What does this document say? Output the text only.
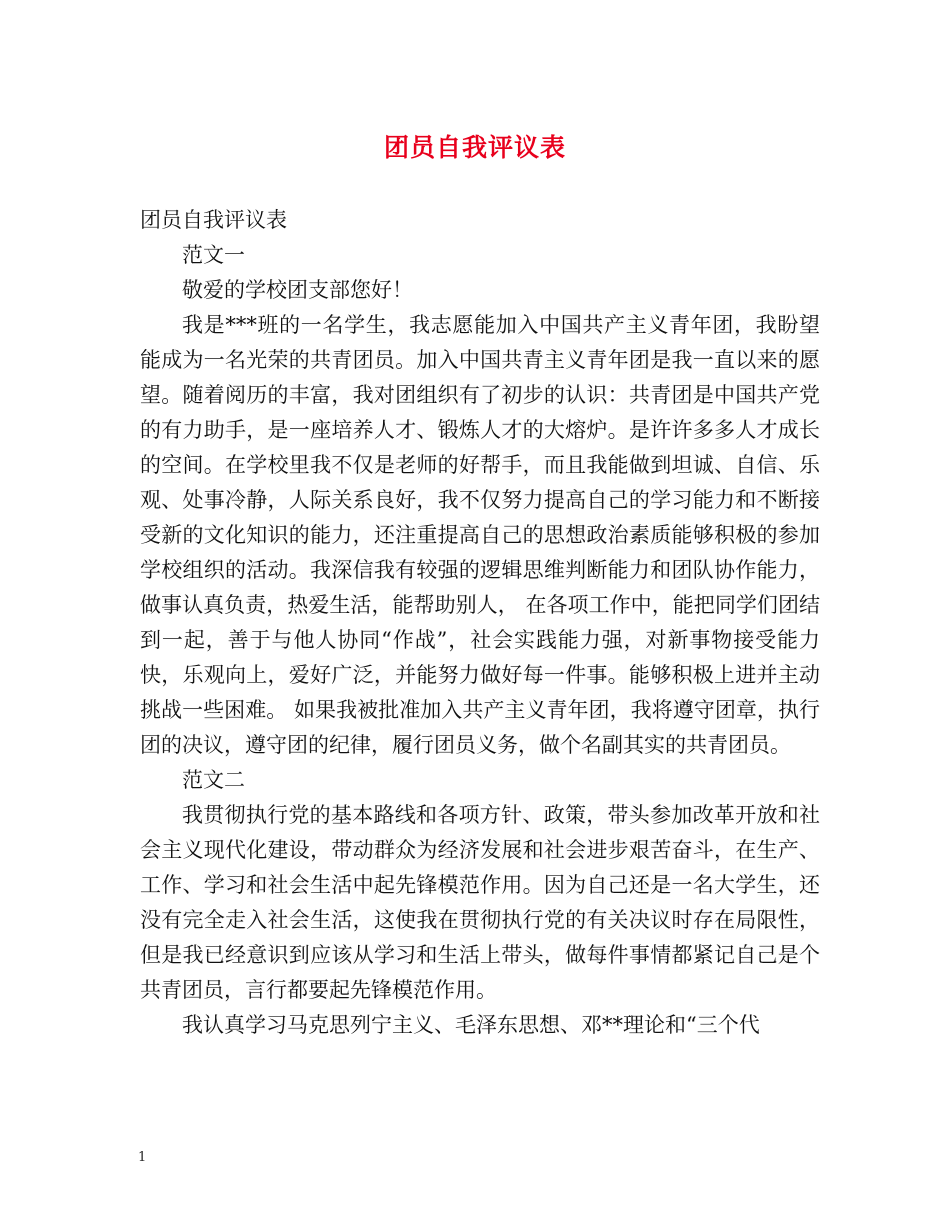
团员自我评议表

团员自我评议表

范文一

敬爱的学校团支部您好！

我是***班的一名学生，我志愿能加入中国共产主义青年团，我盼望能成为一名光荣的共青团员。加入中国共青主义青年团是我一直以来的愿望。随着阅历的丰富，我对团组织有了初步的认识：共青团是中国共产党的有力助手，是一座培养人才、锻炼人才的大熔炉。是许许多多人才成长的空间。在学校里我不仅是老师的好帮手，而且我能做到坦诚、自信、乐观、处事冷静，人际关系良好，我不仅努力提高自己的学习能力和不断接受新的文化知识的能力，还注重提高自己的思想政治素质能够积极的参加学校组织的活动。我深信我有较强的逻辑思维判断能力和团队协作能力，做事认真负责，热爱生活，能帮助别人， 在各项工作中，能把同学们团结到一起，善于与他人协同“作战”，社会实践能力强，对新事物接受能力快，乐观向上，爱好广泛，并能努力做好每一件事。能够积极上进并主动挑战一些困难。 如果我被批准加入共产主义青年团，我将遵守团章，执行团的决议，遵守团的纪律，履行团员义务，做个名副其实的共青团员。

范文二

我贯彻执行党的基本路线和各项方针、政策，带头参加改革开放和社会主义现代化建设，带动群众为经济发展和社会进步艰苦奋斗，在生产、工作、学习和社会生活中起先锋模范作用。因为自己还是一名大学生，还没有完全走入社会生活，这使我在贯彻执行党的有关决议时存在局限性，但是我已经意识到应该从学习和生活上带头，做每件事情都紧记自己是个共青团员，言行都要起先锋模范作用。

我认真学习马克思列宁主义、毛泽东思想、邓**理论和“三个代

1
